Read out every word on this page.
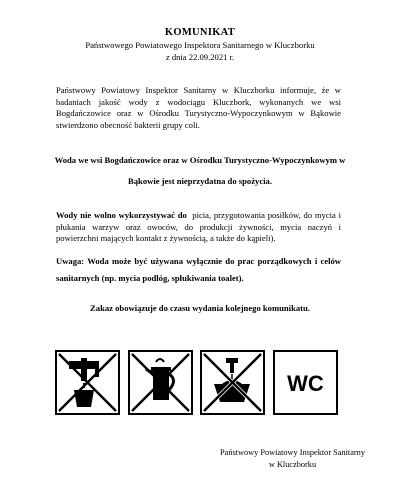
KOMUNIKAT
Państwowego Powiatowego Inspektora Sanitarnego w Kluczborku
z dnia 22.09.2021 r.

Państwowy Powiatowy Inspektor Sanitarny w Kluczborku informuje, że w badaniach jakość wody z wodociągu Kluczbork, wykonanych we wsi Bogdańczowice oraz w Ośrodku Turystyczno-Wypoczynkowym w Bąkowie stwierdzono obecność bakterii grupy coli.

Woda we wsi Bogdańczowice oraz w Ośrodku Turystyczno-Wypoczynkowym w Bąkowie jest nieprzydatna do spożycia.

Wody nie wolno wykorzystywać do picia, przygotowania posiłków, do mycia i płukania warzyw oraz owoców, do produkcji żywności, mycia naczyń i powierzchni mających kontakt z żywnością, a także do kąpieli).

Uwaga: Woda może być używana wyłącznie do prac porządkowych i celów sanitarnych (np. mycia podłóg, spłukiwania toalet).

Zakaz obowiązuje do czasu wydania kolejnego komunikatu.
WC
Państwowy Powiatowy Inspektor Sanitarny
w Kluczborku
